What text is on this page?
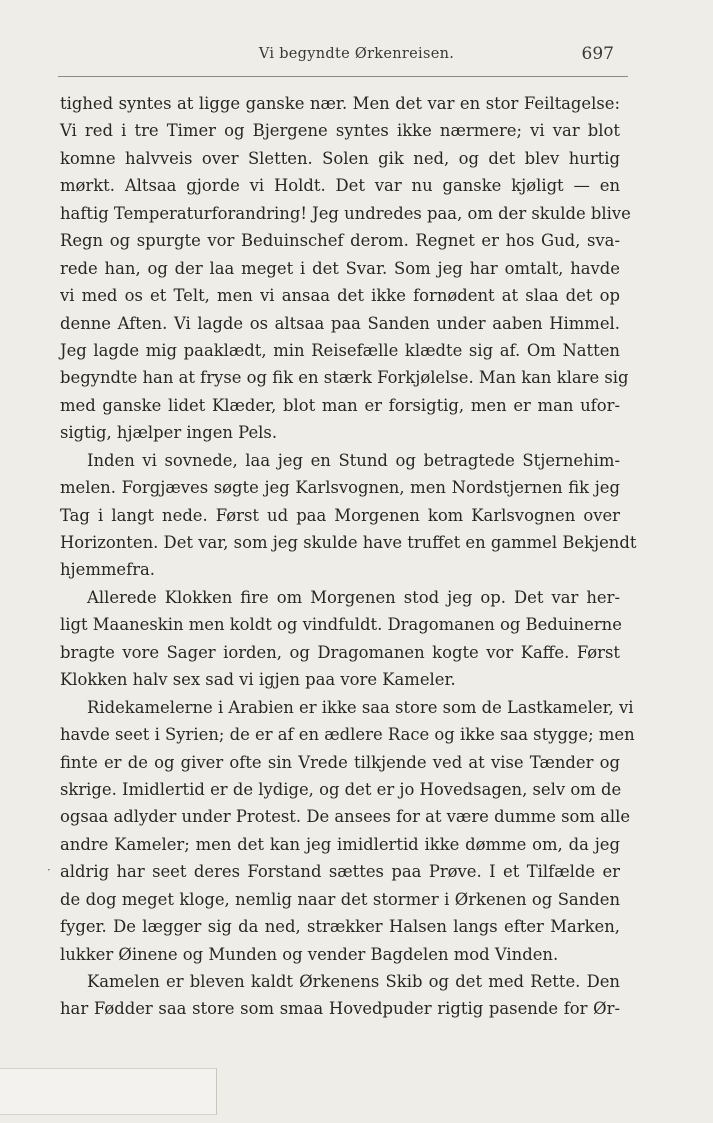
Vi begyndte Ørkenreisen.	697
tighed syntes at ligge ganske nær. Men det var en stor Feiltagelse:
Vi red i tre Timer og Bjergene syntes ikke nærmere; vi var blot
komne halvveis over Sletten. Solen gik ned, og det blev hurtig
mørkt. Altsaa gjorde vi Holdt. Det var nu ganske kjøligt — en
haftig Temperaturforandring! Jeg undredes paa, om der skulde blive
Regn og spurgte vor Beduinschef derom. Regnet er hos Gud, sva-
rede han, og der laa meget i det Svar. Som jeg har omtalt, havde
vi med os et Telt, men vi ansaa det ikke fornødent at slaa det op
denne Aften. Vi lagde os altsaa paa Sanden under aaben Himmel.
Jeg lagde mig paaklædt, min Reisefælle klædte sig af. Om Natten
begyndte han at fryse og fik en stærk Forkjølelse. Man kan klare sig
med ganske lidet Klæder, blot man er forsigtig, men er man ufor-
sigtig, hjælper ingen Pels.
Inden vi sovnede, laa jeg en Stund og betragtede Stjernehim-
melen. Forgjæves søgte jeg Karlsvognen, men Nordstjernen fik jeg
Tag i langt nede. Først ud paa Morgenen kom Karlsvognen over
Horizonten. Det var, som jeg skulde have truffet en gammel Bekjendt
hjemmefra.
Allerede Klokken fire om Morgenen stod jeg op. Det var her-
ligt Maaneskin men koldt og vindfuldt. Dragomanen og Beduinerne
bragte vore Sager iorden, og Dragomanen kogte vor Kaffe. Først
Klokken halv sex sad vi igjen paa vore Kameler.
Ridekamelerne i Arabien er ikke saa store som de Lastkameler, vi
havde seet i Syrien; de er af en ædlere Race og ikke saa stygge; men
finte er de og giver ofte sin Vrede tilkjende ved at vise Tænder og
skrige. Imidlertid er de lydige, og det er jo Hovedsagen, selv om de
ogsaa adlyder under Protest. De ansees for at være dumme som alle
andre Kameler; men det kan jeg imidlertid ikke dømme om, da jeg
aldrig har seet deres Forstand sættes paa Prøve. I et Tilfælde er
de dog meget kloge, nemlig naar det stormer i Ørkenen og Sanden
fyger. De lægger sig da ned, strækker Halsen langs efter Marken,
lukker Øinene og Munden og vender Bagdelen mod Vinden.
Kamelen er bleven kaldt Ørkenens Skib og det med Rette. Den
har Fødder saa store som smaa Hovedpuder rigtig pasende for Ør-
·
